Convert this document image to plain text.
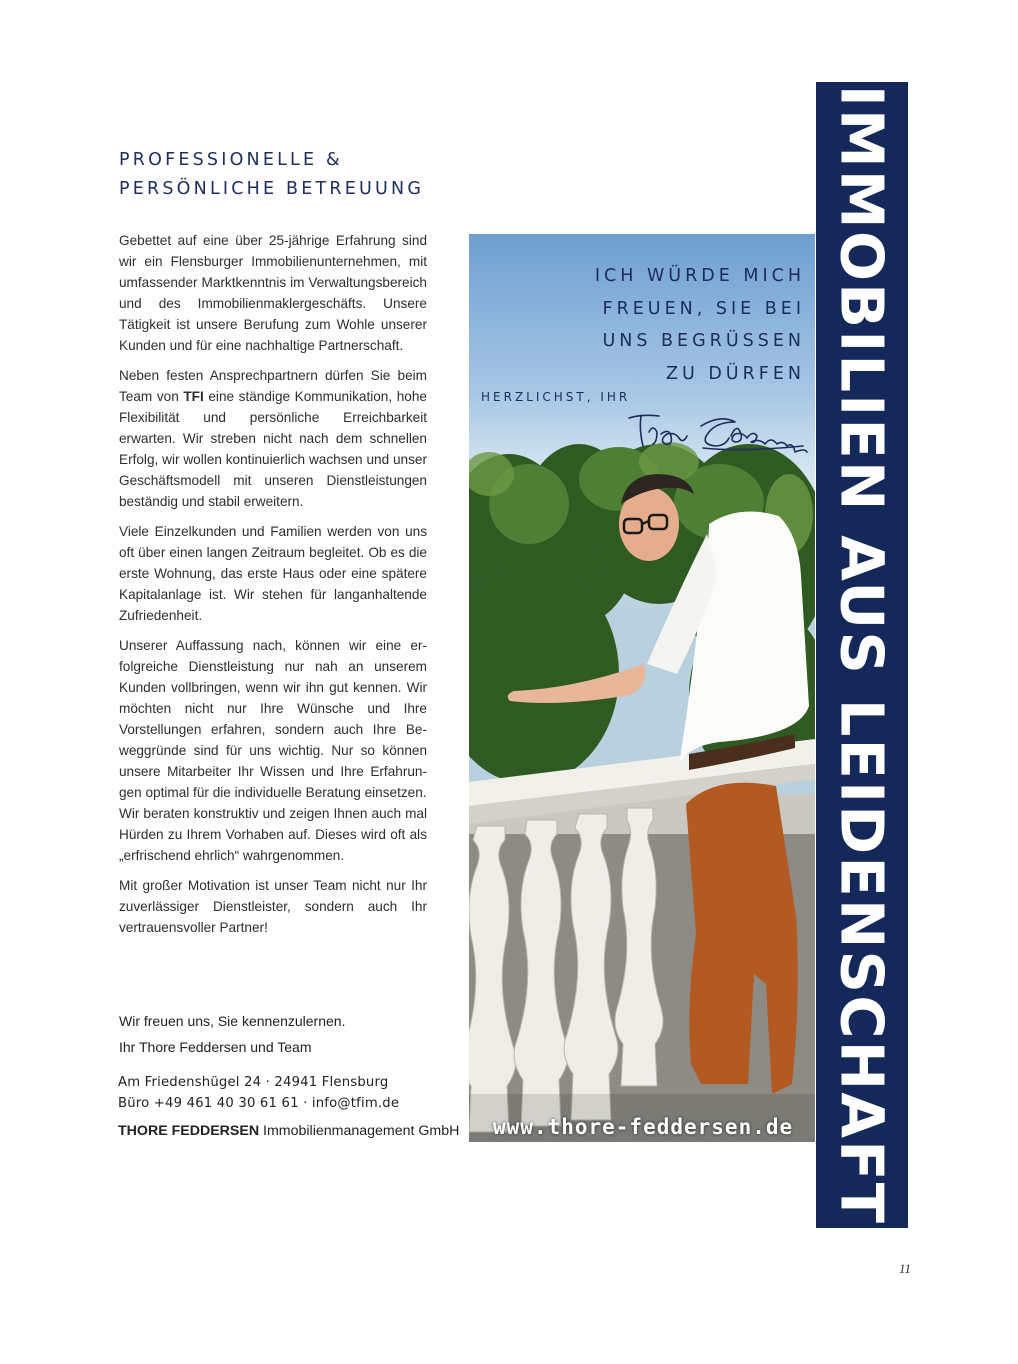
PROFESSIONELLE &
PERSÖNLICHE BETREUUNG

Gebettet auf eine über 25-jährige Erfahrung sind wir ein Flensburger Immobilienunternehmen, mit umfassender Marktkenntnis im Verwaltungsbereich und des Immobilienmaklergeschäfts. Unsere Tätigkeit ist unsere Berufung zum Wohle unserer Kunden und für eine nachhaltige Partnerschaft.

Neben festen Ansprechpartnern dürfen Sie beim Team von TFI eine ständige Kommunikation, hohe Flexibilität und persönliche Erreichbarkeit erwarten. Wir streben nicht nach dem schnellen Erfolg, wir wollen kontinuierlich wachsen und unser Geschäftsmodell mit unseren Dienstleistungen beständig und stabil erweitern.

Viele Einzelkunden und Familien werden von uns oft über einen langen Zeitraum begleitet. Ob es die erste Wohnung, das erste Haus oder eine spätere Kapitalanlage ist. Wir stehen für langanhaltende Zufriedenheit.

Unserer Auffassung nach, können wir eine erfolgreiche Dienstleistung nur nah an unserem Kunden vollbringen, wenn wir ihn gut kennen. Wir möchten nicht nur Ihre Wünsche und Ihre Vorstellungen erfahren, sondern auch Ihre Beweggründe sind für uns wichtig. Nur so können unsere Mitarbeiter Ihr Wissen und Ihre Erfahrungen optimal für die individuelle Beratung einsetzen.

Wir beraten konstruktiv und zeigen Ihnen auch mal Hürden zu Ihrem Vorhaben auf. Dieses wird oft als „erfrischend ehrlich“ wahrgenommen.

Mit großer Motivation ist unser Team nicht nur Ihr zuverlässiger Dienstleister, sondern auch Ihr vertrauensvoller Partner!

Wir freuen uns, Sie kennenzulernen.
Ihr Thore Feddersen und Team
Am Friedenshügel 24 · 24941 Flensburg
Büro +49 461 40 30 61 61 · info@tfim.de
THORE FEDDERSEN Immobilienmanagement GmbH
ICH WÜRDE MICH
FREUEN, SIE BEI
UNS BEGRÜSSEN
ZU DÜRFEN
HERZLICHST, IHR
www.thore-feddersen.de IMMOBILIEN AUS LEIDENSCHAFT
11
